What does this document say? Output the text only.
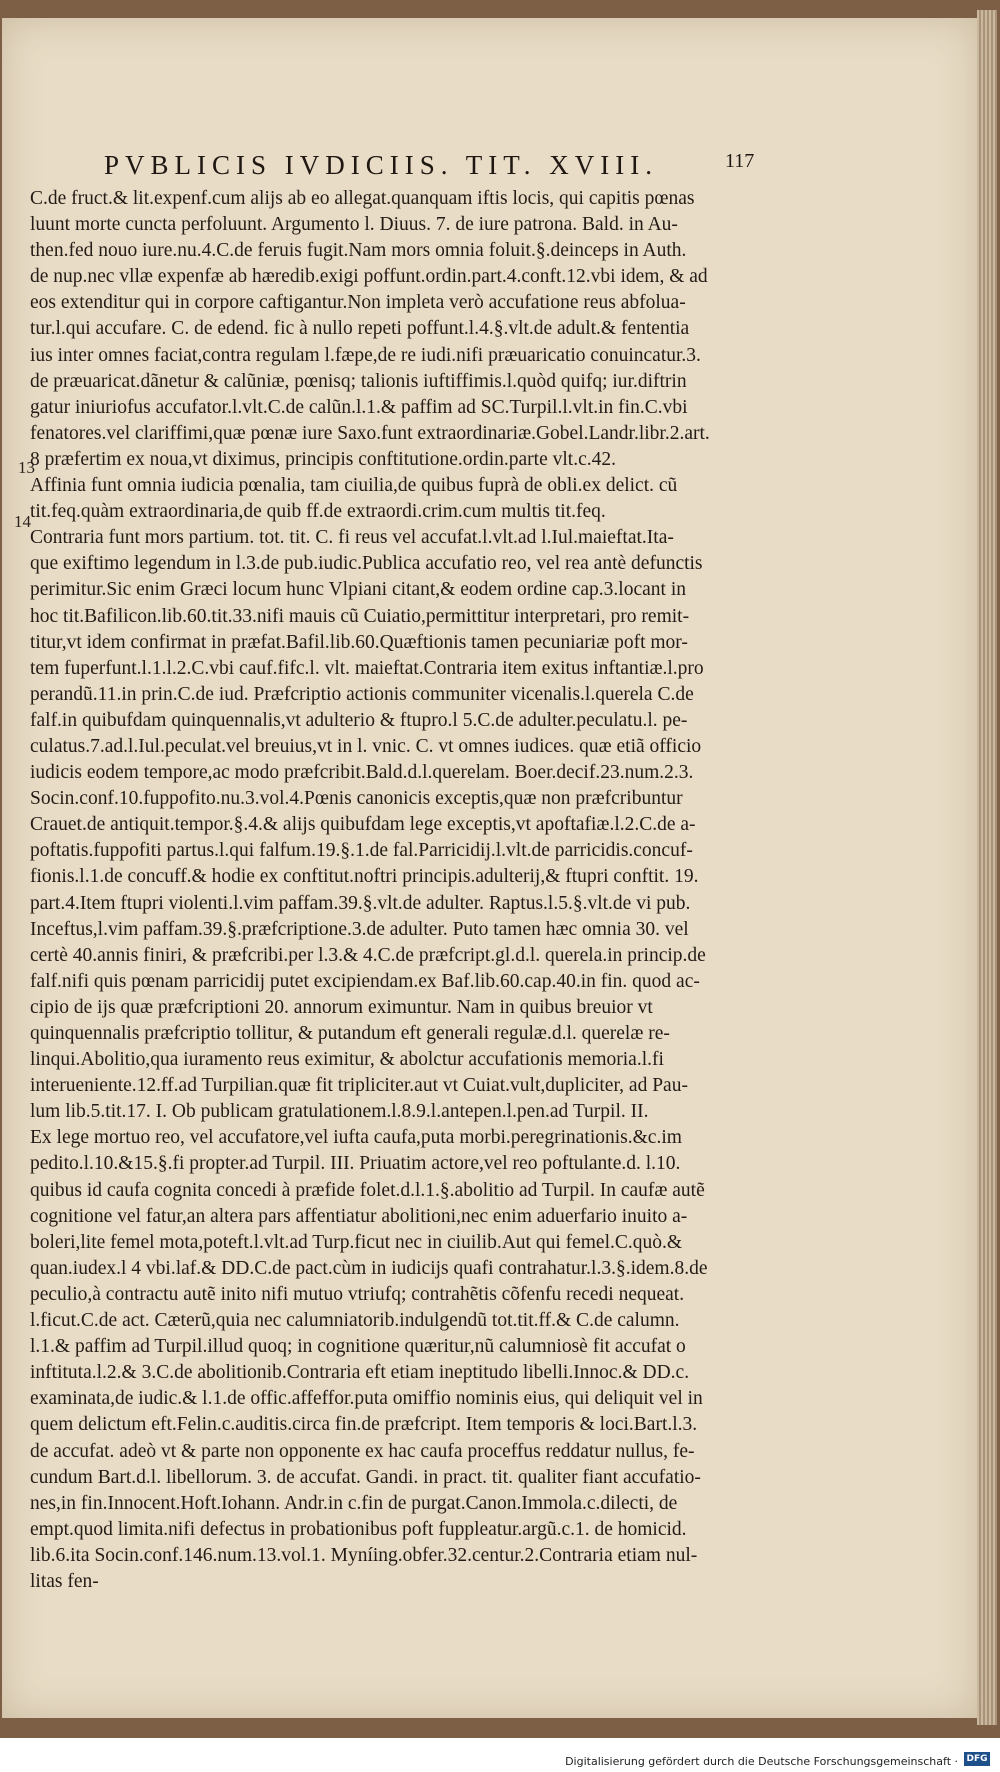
PVBLICIS IVDICIIS. TIT. XVIII.	117
13
14
C.de fruct.& lit.expenf.cum alijs ab eo allegat.quanquam iftis locis, qui capitis pœnas
luunt morte cuncta perfoluunt. Argumento l. Diuus. 7. de iure patrona. Bald. in Au-
then.fed nouo iure.nu.4.C.de feruis fugit.Nam mors omnia foluit.§.deinceps in Auth.
de nup.nec vllæ expenfæ ab hæredib.exigi poffunt.ordin.part.4.conft.12.vbi idem, & ad
eos extenditur qui in corpore caftigantur.Non impleta verò accufatione reus abfolua-
tur.l.qui accufare. C. de edend. fic à nullo repeti poffunt.l.4.§.vlt.de adult.& fententia
ius inter omnes faciat,contra regulam l.fæpe,de re iudi.nifi præuaricatio conuincatur.3.
de præuaricat.dãnetur & calũniæ, pœnisq; talionis iuftiffimis.l.quòd quifq; iur.diftrin
gatur iniuriofus accufator.l.vlt.C.de calũn.l.1.& paffim ad SC.Turpil.l.vlt.in fin.C.vbi
fenatores.vel clariffimi,quæ pœnæ iure Saxo.funt extraordinariæ.Gobel.Landr.libr.2.art.
8 præfertim ex noua,vt diximus, principis conftitutione.ordin.parte vlt.c.42.
Affinia funt omnia iudicia pœnalia, tam ciuilia,de quibus fuprà de obli.ex delict. cũ
tit.feq.quàm extraordinaria,de quib ff.de extraordi.crim.cum multis tit.feq.
Contraria funt mors partium. tot. tit. C. fi reus vel accufat.l.vlt.ad l.Iul.maieftat.Ita-
que exiftimo legendum in l.3.de pub.iudic.Publica accufatio reo, vel rea antè defunctis
perimitur.Sic enim Græci locum hunc Vlpiani citant,& eodem ordine cap.3.locant in
hoc tit.Bafilicon.lib.60.tit.33.nifi mauis cũ Cuiatio,permittitur interpretari, pro remit-
titur,vt idem confirmat in præfat.Bafil.lib.60.Quæftionis tamen pecuniariæ poft mor-
tem fuperfunt.l.1.l.2.C.vbi cauf.fifc.l. vlt. maieftat.Contraria item exitus inftantiæ.l.pro
perandũ.11.in prin.C.de iud. Præfcriptio actionis communiter vicenalis.l.querela C.de
falf.in quibufdam quinquennalis,vt adulterio & ftupro.l 5.C.de adulter.peculatu.l. pe-
culatus.7.ad.l.Iul.peculat.vel breuius,vt in l. vnic. C. vt omnes iudices. quæ etiã officio
iudicis eodem tempore,ac modo præfcribit.Bald.d.l.querelam. Boer.decif.23.num.2.3.
Socin.conf.10.fuppofito.nu.3.vol.4.Pœnis canonicis exceptis,quæ non præfcribuntur
Crauet.de antiquit.tempor.§.4.& alijs quibufdam lege exceptis,vt apoftafiæ.l.2.C.de a-
poftatis.fuppofiti partus.l.qui falfum.19.§.1.de fal.Parricidij.l.vlt.de parricidis.concuf-
fionis.l.1.de concuff.& hodie ex conftitut.noftri principis.adulterij,& ftupri conftit. 19.
part.4.Item ftupri violenti.l.vim paffam.39.§.vlt.de adulter. Raptus.l.5.§.vlt.de vi pub.
Inceftus,l.vim paffam.39.§.præfcriptione.3.de adulter. Puto tamen hæc omnia 30. vel
certè 40.annis finiri, & præfcribi.per l.3.& 4.C.de præfcript.gl.d.l. querela.in princip.de
falf.nifi quis pœnam parricidij putet excipiendam.ex Baf.lib.60.cap.40.in fin. quod ac-
cipio de ijs quæ præfcriptioni 20. annorum eximuntur. Nam in quibus breuior vt
quinquennalis præfcriptio tollitur, & putandum eft generali regulæ.d.l. querelæ re-
linqui.Abolitio,qua iuramento reus eximitur, & abolctur accufationis memoria.l.fi
interueniente.12.ff.ad Turpilian.quæ fit tripliciter.aut vt Cuiat.vult,dupliciter, ad Pau-
lum lib.5.tit.17. I. Ob publicam gratulationem.l.8.9.l.antepen.l.pen.ad Turpil. II.
Ex lege mortuo reo, vel accufatore,vel iufta caufa,puta morbi.peregrinationis.&c.im
pedito.l.10.&15.§.fi propter.ad Turpil. III. Priuatim actore,vel reo poftulante.d. l.10.
quibus id caufa cognita concedi à præfide folet.d.l.1.§.abolitio ad Turpil. In caufæ autẽ
cognitione vel fatur,an altera pars affentiatur abolitioni,nec enim aduerfario inuito a-
boleri,lite femel mota,poteft.l.vlt.ad Turp.ficut nec in ciuilib.Aut qui femel.C.quò.&
quan.iudex.l 4 vbi.laf.& DD.C.de pact.cùm in iudicijs quafi contrahatur.l.3.§.idem.8.de
peculio,à contractu autẽ inito nifi mutuo vtriufq; contrahẽtis cõfenfu recedi nequeat.
l.ficut.C.de act. Cæterũ,quia nec calumniatorib.indulgendũ tot.tit.ff.& C.de calumn.
l.1.& paffim ad Turpil.illud quoq; in cognitione quæritur,nũ calumniosè fit accufat o
inftituta.l.2.& 3.C.de abolitionib.Contraria eft etiam ineptitudo libelli.Innoc.& DD.c.
examinata,de iudic.& l.1.de offic.affeffor.puta omiffio nominis eius, qui deliquit vel in
quem delictum eft.Felin.c.auditis.circa fin.de præfcript. Item temporis & loci.Bart.l.3.
de accufat. adeò vt & parte non opponente ex hac caufa proceffus reddatur nullus, fe-
cundum Bart.d.l. libellorum. 3. de accufat. Gandi. in pract. tit. qualiter fiant accufatio-
nes,in fin.Innocent.Hoft.Iohann. Andr.in c.fin de purgat.Canon.Immola.c.dilecti, de
empt.quod limita.nifi defectus in probationibus poft fuppleatur.argũ.c.1. de homicid.
lib.6.ita Socin.conf.146.num.13.vol.1. Myníing.obfer.32.centur.2.Contraria etiam nul-
litas fen-
Digitalisierung gefördert durch die Deutsche Forschungsgemeinschaft · DFG
